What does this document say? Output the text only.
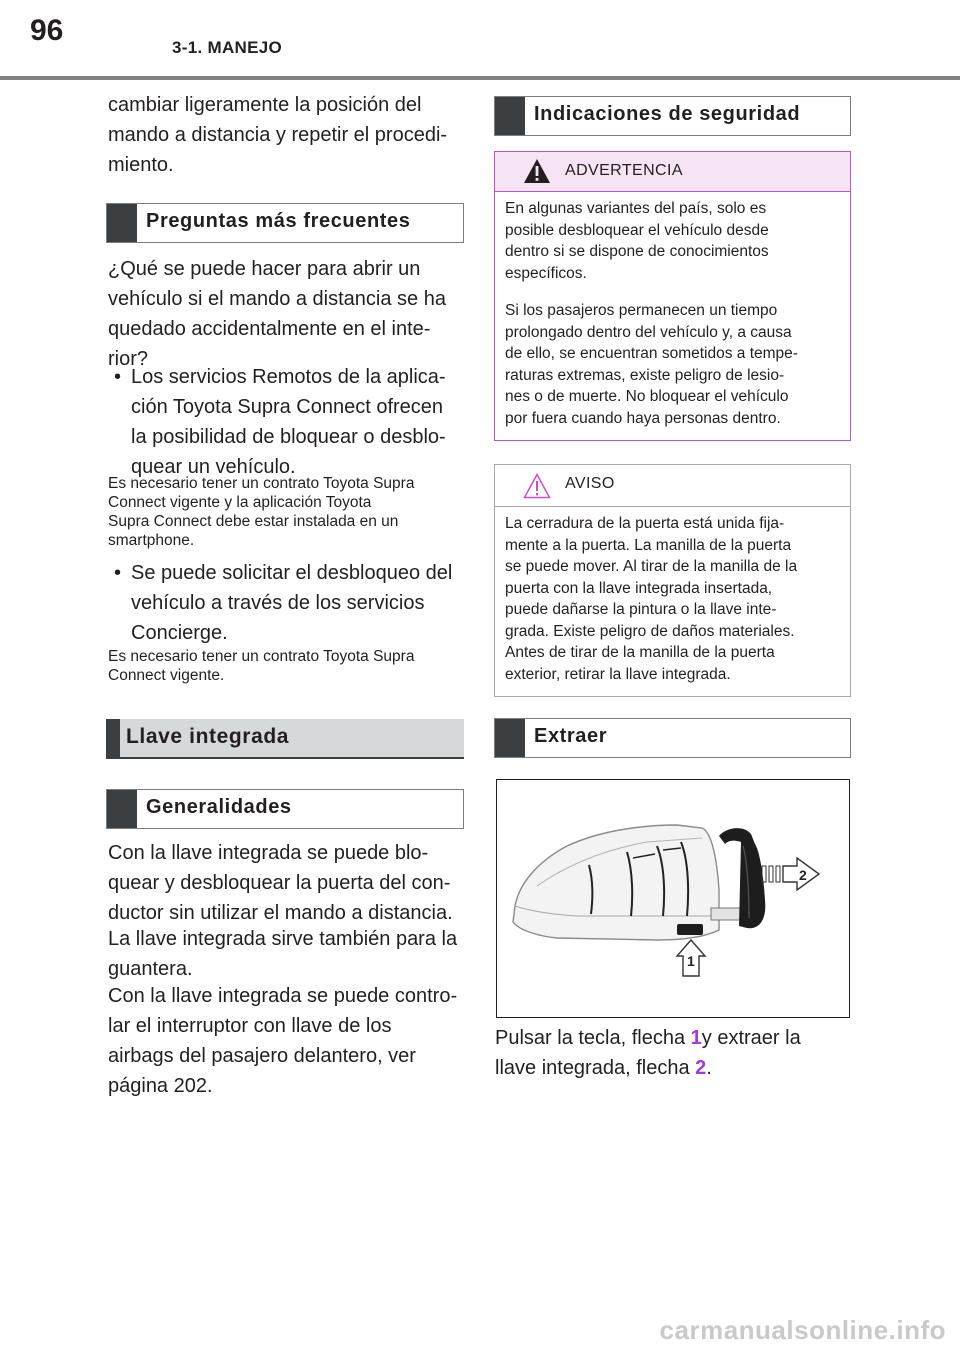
96
3-1. MANEJO
cambiar ligeramente la posición del
mando a distancia y repetir el procedi-
miento.
Preguntas más frecuentes
¿Qué se puede hacer para abrir un
vehículo si el mando a distancia se ha
quedado accidentalmente en el inte-
rior?
• Los servicios Remotos de la aplica-
ción Toyota Supra Connect ofrecen
la posibilidad de bloquear o desblo-
quear un vehículo.
Es necesario tener un contrato Toyota Supra
Connect vigente y la aplicación Toyota
Supra Connect debe estar instalada en un
smartphone.
• Se puede solicitar el desbloqueo del
vehículo a través de los servicios
Concierge.
Es necesario tener un contrato Toyota Supra
Connect vigente.
Llave integrada
Generalidades
Con la llave integrada se puede blo-
quear y desbloquear la puerta del con-
ductor sin utilizar el mando a distancia.
La llave integrada sirve también para la
guantera.
Con la llave integrada se puede contro-
lar el interruptor con llave de los
airbags del pasajero delantero, ver
página 202.
Indicaciones de seguridad
ADVERTENCIA
En algunas variantes del país, solo es
posible desbloquear el vehículo desde
dentro si se dispone de conocimientos
específicos.
Si los pasajeros permanecen un tiempo
prolongado dentro del vehículo y, a causa
de ello, se encuentran sometidos a tempe-
raturas extremas, existe peligro de lesio-
nes o de muerte. No bloquear el vehículo
por fuera cuando haya personas dentro.
AVISO
La cerradura de la puerta está unida fija-
mente a la puerta. La manilla de la puerta
se puede mover. Al tirar de la manilla de la
puerta con la llave integrada insertada,
puede dañarse la pintura o la llave inte-
grada. Existe peligro de daños materiales.
Antes de tirar de la manilla de la puerta
exterior, retirar la llave integrada.
Extraer
2
1
Pulsar la tecla, flecha 1y extraer la
llave integrada, flecha 2.
carmanualsonline.info
